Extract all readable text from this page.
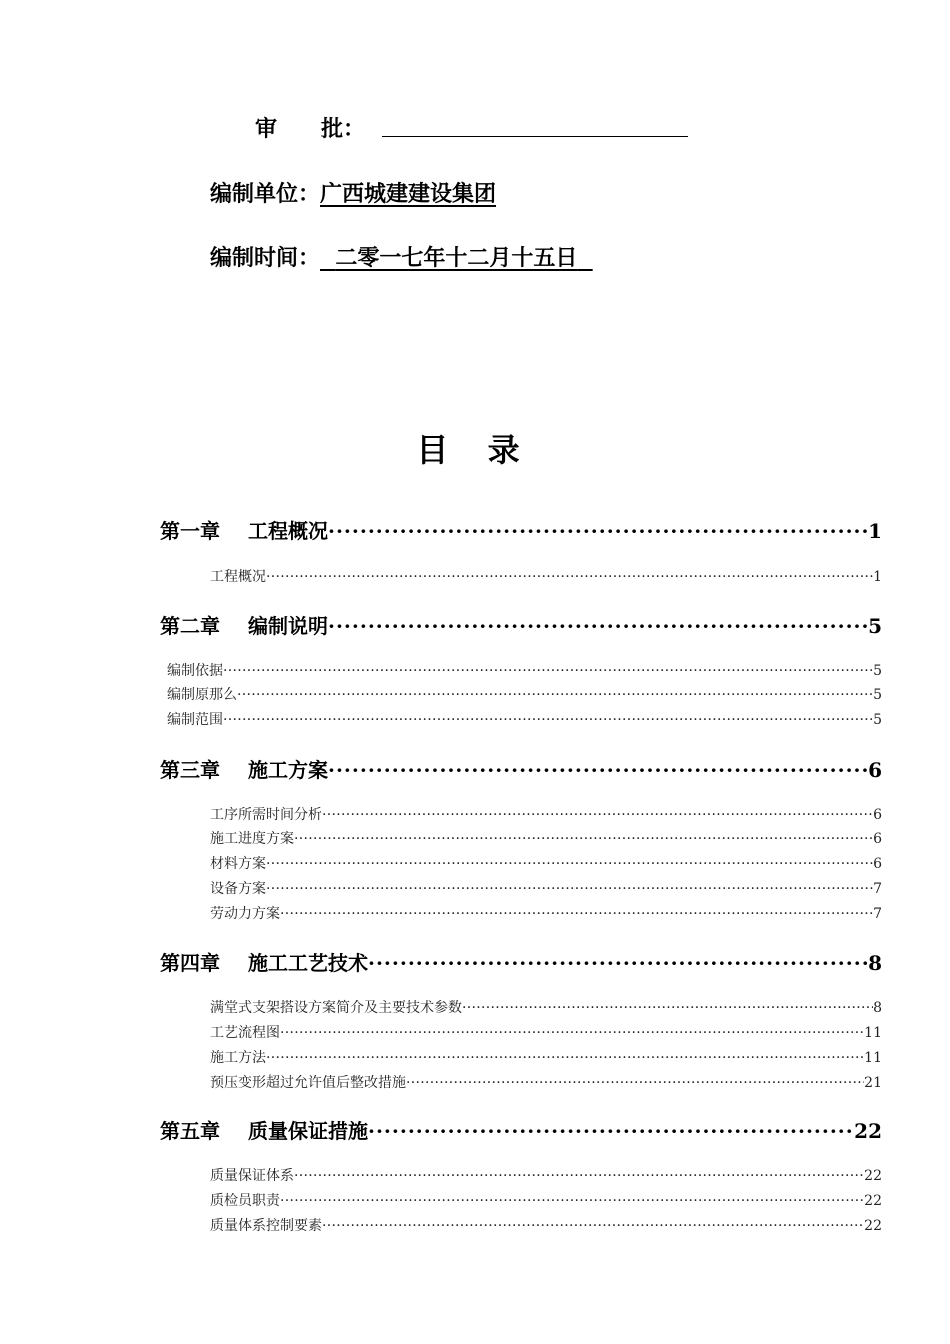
审　　批：
编制单位：广西城建建设集团
编制时间： 二零一七年十二月十五日
目 录
第一章 工程概况 ·····	1
工程概况 ·····	1
第二章 编制说明 ·····	5
编制依据 ·····	5
编制原那么 ·····	5
编制范围 ·····	5
第三章 施工方案 ·····	6
工序所需时间分析 ·····	6
施工进度方案 ·····	6
材料方案 ·····	6
设备方案 ·····	7
劳动力方案 ·····	7
第四章 施工工艺技术 ·····	8
满堂式支架搭设方案简介及主要技术参数 ·····	8
工艺流程图 ·····	11
施工方法 ·····	11
预压变形超过允许值后整改措施 ·····	21
第五章 质量保证措施 ·····	22
质量保证体系 ·····	22
质检员职责 ·····	22
质量体系控制要素 ·····	22
